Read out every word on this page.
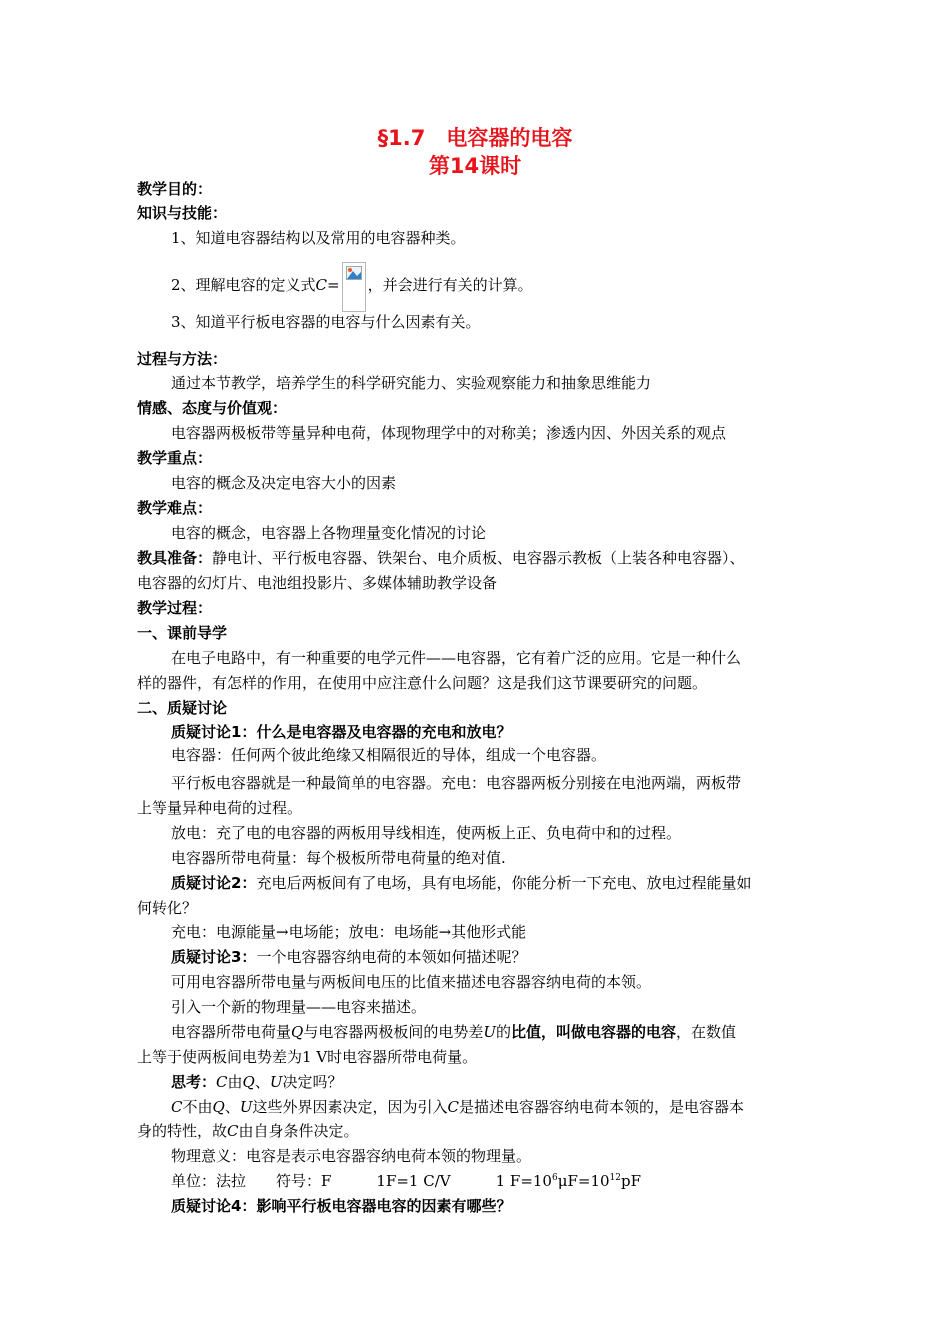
§1.7　电容器的电容
第14课时
教学目的：
知识与技能：
1、知道电容器结构以及常用的电容器种类。
2、理解电容的定义式C= ，并会进行有关的计算。
3、知道平行板电容器的电容与什么因素有关。
过程与方法：
通过本节教学，培养学生的科学研究能力、实验观察能力和抽象思维能力
情感、态度与价值观：
电容器两极板带等量异种电荷，体现物理学中的对称美；渗透内因、外因关系的观点
教学重点：
电容的概念及决定电容大小的因素
教学难点：
电容的概念，电容器上各物理量变化情况的讨论
教具准备：静电计、平行板电容器、铁架台、电介质板、电容器示教板（上装各种电容器）、
电容器的幻灯片、电池组投影片、多媒体辅助教学设备
教学过程：
一、课前导学
在电子电路中，有一种重要的电学元件——电容器，它有着广泛的应用。它是一种什么
样的器件，有怎样的作用，在使用中应注意什么问题？这是我们这节课要研究的问题。
二、质疑讨论
质疑讨论1：什么是电容器及电容器的充电和放电？
电容器：任何两个彼此绝缘又相隔很近的导体，组成一个电容器。
平行板电容器就是一种最简单的电容器。充电：电容器两板分别接在电池两端，两板带
上等量异种电荷的过程。
放电：充了电的电容器的两板用导线相连，使两板上正、负电荷中和的过程。
电容器所带电荷量：每个极板所带电荷量的绝对值.
质疑讨论2：充电后两板间有了电场，具有电场能，你能分析一下充电、放电过程能量如
何转化？
充电：电源能量→电场能；放电：电场能→其他形式能
质疑讨论3：一个电容器容纳电荷的本领如何描述呢？
可用电容器所带电量与两板间电压的比值来描述电容器容纳电荷的本领。
引入一个新的物理量——电容来描述。
电容器所带电荷量Q与电容器两极板间的电势差U的比值，叫做电容器的电容，在数值
上等于使两板间电势差为1 V时电容器所带电荷量。
思考：C由Q、U决定吗？
C不由Q、U这些外界因素决定，因为引入C是描述电容器容纳电荷本领的，是电容器本
身的特性，故C由自身条件决定。
物理意义：电容是表示电容器容纳电荷本领的物理量。
单位：法拉　　符号：F　　　1F=1 C/V　　　1 $F=10^6\mu F=10^{12}pF$
质疑讨论4：影响平行板电容器电容的因素有哪些？
